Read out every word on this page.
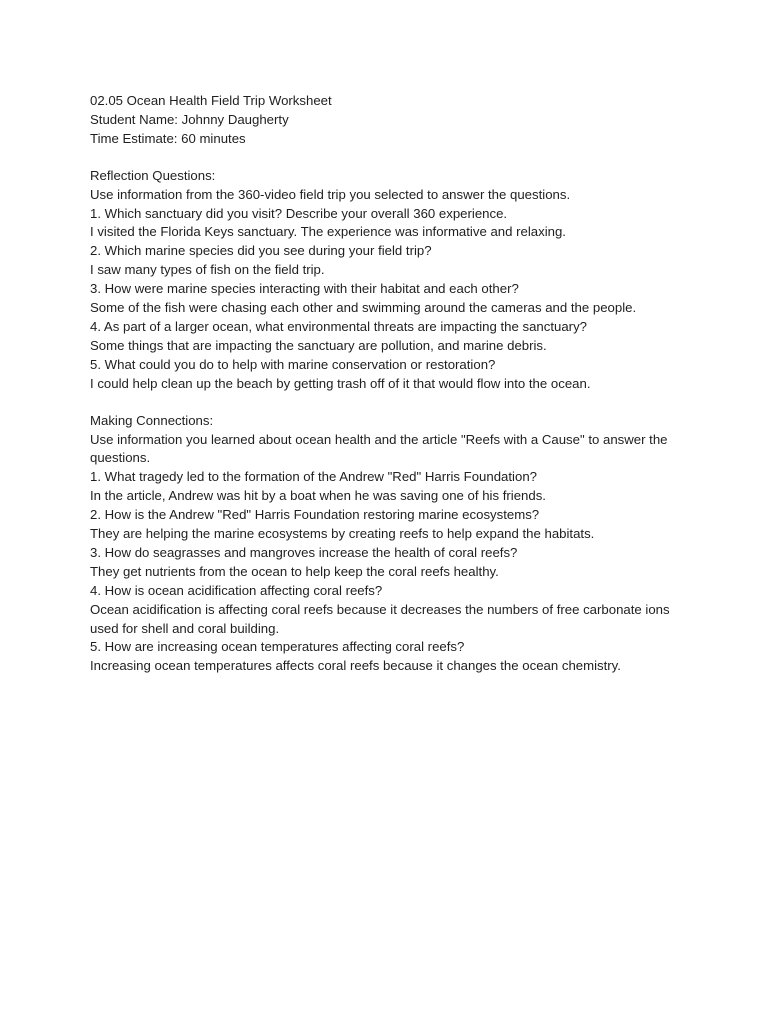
02.05 Ocean Health Field Trip Worksheet
Student Name: Johnny Daugherty
Time Estimate: 60 minutes
Reflection Questions:
Use information from the 360-video field trip you selected to answer the questions.
1. Which sanctuary did you visit? Describe your overall 360 experience.
I visited the Florida Keys sanctuary. The experience was informative and relaxing.
2. Which marine species did you see during your field trip?
I saw many types of fish on the field trip.
3. How were marine species interacting with their habitat and each other?
Some of the fish were chasing each other and swimming around the cameras and the people.
4. As part of a larger ocean, what environmental threats are impacting the sanctuary?
Some things that are impacting the sanctuary are pollution, and marine debris.
5. What could you do to help with marine conservation or restoration?
I could help clean up the beach by getting trash off of it that would flow into the ocean.
Making Connections:
Use information you learned about ocean health and the article "Reefs with a Cause" to answer the questions.
1. What tragedy led to the formation of the Andrew "Red" Harris Foundation?
In the article, Andrew was hit by a boat when he was saving one of his friends.
2. How is the Andrew "Red" Harris Foundation restoring marine ecosystems?
They are helping the marine ecosystems by creating reefs to help expand the habitats.
3. How do seagrasses and mangroves increase the health of coral reefs?
They get nutrients from the ocean to help keep the coral reefs healthy.
4. How is ocean acidification affecting coral reefs?
Ocean acidification is affecting coral reefs because it decreases the numbers of free carbonate ions used for shell and coral building.
5. How are increasing ocean temperatures affecting coral reefs?
Increasing ocean temperatures affects coral reefs because it changes the ocean chemistry.
